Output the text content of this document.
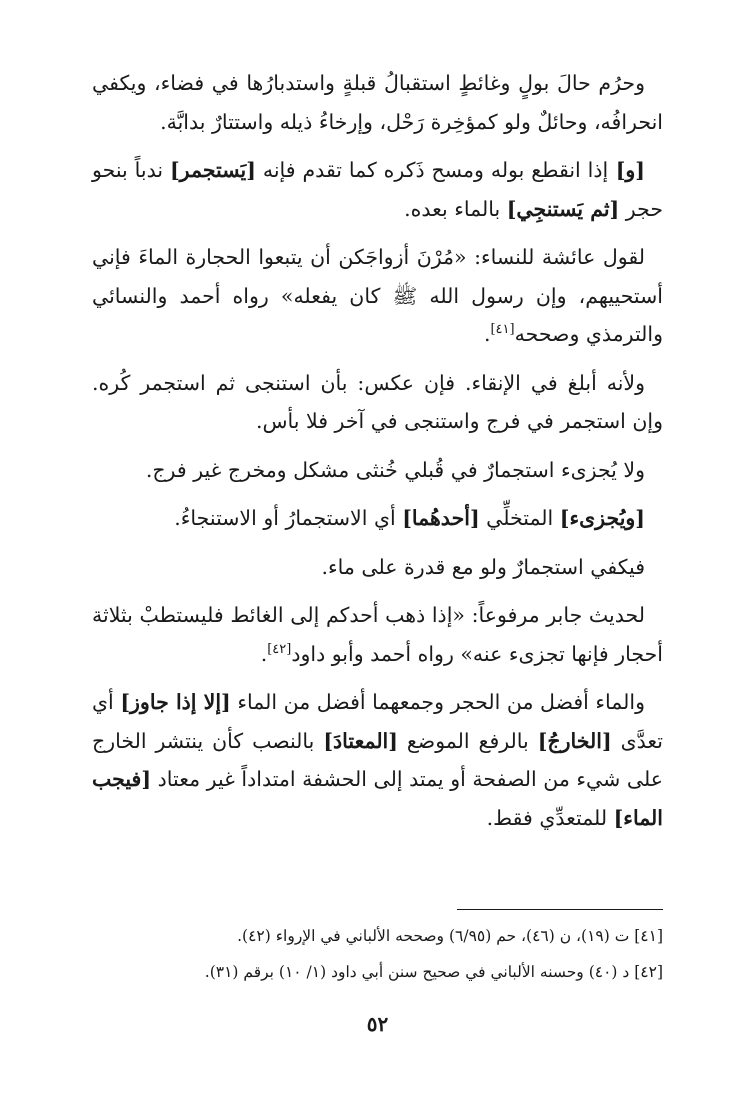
وحرُم حالَ بولٍ وغائطٍ استقبالُ قبلةٍ واستدبارُها في فضاء، ويكفي انحرافُه، وحائلٌ ولو كمؤخِرة رَحْل، وإرخاءُ ذيله واستتارٌ بدابَّة.

[و] إذا انقطع بوله ومسح ذَكره كما تقدم فإنه [يَستجمر] ندباً بنحو حجر [ثم يَستنجِي] بالماء بعده.

لقول عائشة للنساء: «مُرْنَ أزواجَكن أن يتبعوا الحجارة الماءَ فإني أستحييهم، وإن رسول الله ﷺ كان يفعله» رواه أحمد والنسائي والترمذي وصححه[٤١].

ولأنه أبلغ في الإنقاء. فإن عكس: بأن استنجى ثم استجمر كُره. وإن استجمر في فرج واستنجى في آخر فلا بأس.

ولا يُجزىء استجمارٌ في قُبلي خُنثى مشكل ومخرج غير فرج.

[ويُجزىء] المتخلِّي [أحدهُما] أي الاستجمارُ أو الاستنجاءُ.

فيكفي استجمارٌ ولو مع قدرة على ماء.

لحديث جابر مرفوعاً: «إذا ذهب أحدكم إلى الغائط فليستطبْ بثلاثة أحجار فإنها تجزىء عنه» رواه أحمد وأبو داود[٤٢].

والماء أفضل من الحجر وجمعهما أفضل من الماء [إلا إذا جاوز] أي تعدَّى [الخارجُ] بالرفع الموضع [المعتادَ] بالنصب كأن ينتشر الخارج على شيء من الصفحة أو يمتد إلى الحشفة امتداداً غير معتاد [فيجب الماء] للمتعدِّي فقط.

[٤١] ت (١٩)، ن (٤٦)، حم (٦/٩٥) وصححه الألباني في الإرواء (٤٢).

[٤٢] د (٤٠) وحسنه الألباني في صحيح سنن أبي داود (١/ ١٠) برقم (٣١).

٥٢
